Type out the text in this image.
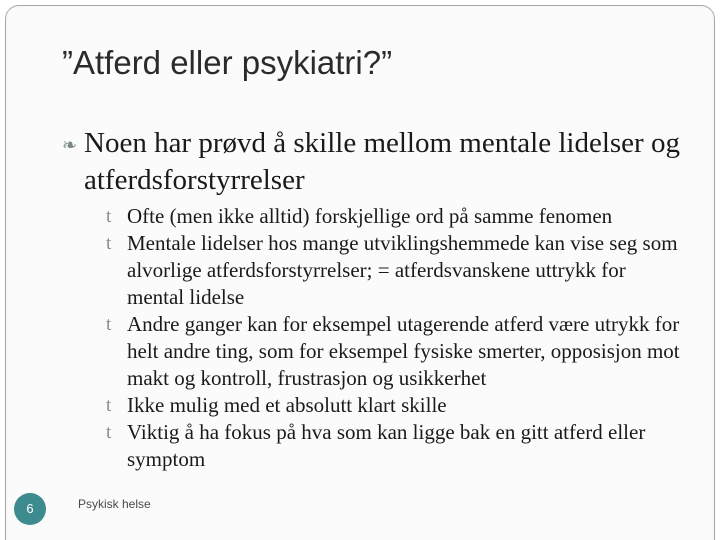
”Atferd eller psykiatri?”
❧ Noen har prøvd å skille mellom mentale lidelser og atferdsforstyrrelser
t Ofte (men ikke alltid) forskjellige ord på samme fenomen
t Mentale lidelser hos mange utviklingshemmede kan vise seg som alvorlige atferdsforstyrrelser; = atferdsvanskene uttrykk for mental lidelse
t Andre ganger kan for eksempel utagerende atferd være utrykk for helt andre ting, som for eksempel fysiske smerter, opposisjon mot makt og kontroll, frustrasjon og usikkerhet
t Ikke mulig med et absolutt klart skille
t Viktig å ha fokus på hva som kan ligge bak en gitt atferd eller symptom
6	Psykisk helse
